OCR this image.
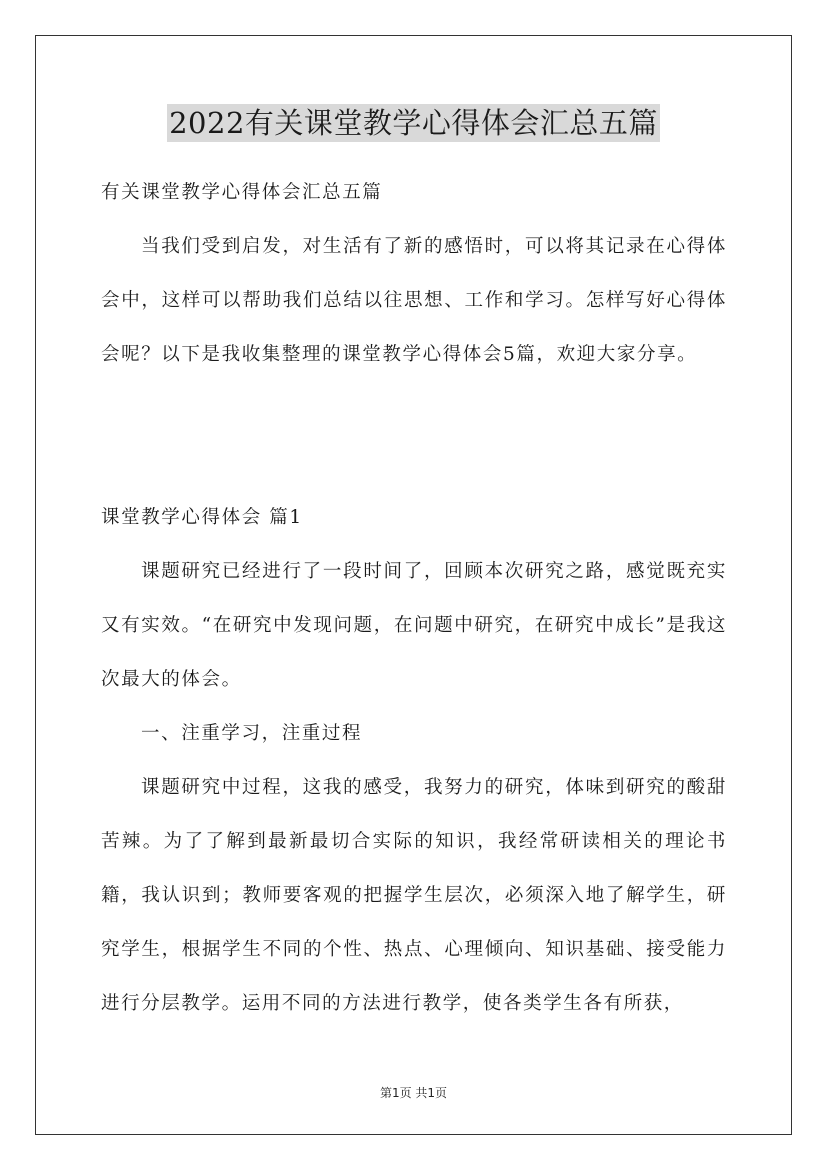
2022有关课堂教学心得体会汇总五篇

有关课堂教学心得体会汇总五篇

当我们受到启发，对生活有了新的感悟时，可以将其记录在心得体会中，这样可以帮助我们总结以往思想、工作和学习。怎样写好心得体会呢？以下是我收集整理的课堂教学心得体会5篇，欢迎大家分享。

课堂教学心得体会 篇1

课题研究已经进行了一段时间了，回顾本次研究之路，感觉既充实又有实效。“在研究中发现问题，在问题中研究，在研究中成长”是我这次最大的体会。

一、注重学习，注重过程

课题研究中过程，这我的感受，我努力的研究，体味到研究的酸甜苦辣。为了了解到最新最切合实际的知识，我经常研读相关的理论书籍，我认识到；教师要客观的把握学生层次，必须深入地了解学生，研究学生，根据学生不同的个性、热点、心理倾向、知识基础、接受能力进行分层教学。运用不同的方法进行教学，使各类学生各有所获，

第1页 共1页
